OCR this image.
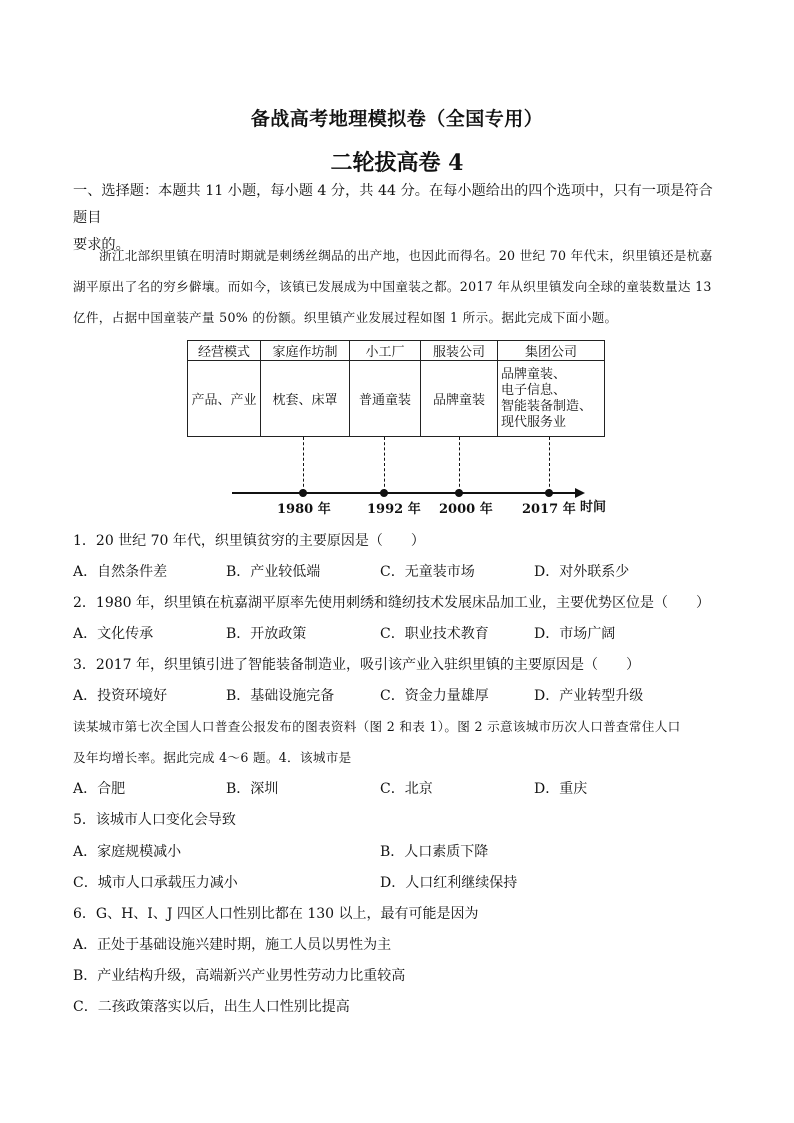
备战高考地理模拟卷（全国专用）
二轮拔高卷 4
一、选择题：本题共 11 小题，每小题 4 分，共 44 分。在每小题给出的四个选项中，只有一项是符合题目
要求的。
浙江北部织里镇在明清时期就是刺绣丝绸品的出产地，也因此而得名。20 世纪 70 年代末，织里镇还是杭嘉湖平原出了名的穷乡僻壤。而如今，该镇已发展成为中国童装之都。2017 年从织里镇发向全球的童装数量达 13 亿件，占据中国童装产量 50% 的份额。织里镇产业发展过程如图 1 所示。据此完成下面小题。
经营模式	家庭作坊制	小工厂	服装公司	集团公司
产品、产业	枕套、床罩	普通童装	品牌童装	品牌童装、
电子信息、
智能装备制造、
现代服务业
1980 年	1992 年 2000 年 2017 年 时间
1．20 世纪 70 年代，织里镇贫穷的主要原因是（　　）
A．自然条件差	B．产业较低端	C．无童装市场	D．对外联系少
2．1980 年，织里镇在杭嘉湖平原率先使用刺绣和缝纫技术发展床品加工业，主要优势区位是（　　）
A．文化传承	B．开放政策	C．职业技术教育	D．市场广阔
3．2017 年，织里镇引进了智能装备制造业，吸引该产业入驻织里镇的主要原因是（　　）
A．投资环境好	B．基础设施完备	C．资金力量雄厚	D．产业转型升级
读某城市第七次全国人口普查公报发布的图表资料（图 2 和表 1）。图 2 示意该城市历次人口普查常住人口
及年均增长率。据此完成 4～6 题。4．该城市是
A．合肥	B．深圳	C．北京	D．重庆
5．该城市人口变化会导致
A．家庭规模减小	B．人口素质下降
C．城市人口承载压力减小	D．人口红利继续保持
6．G、H、I、J 四区人口性别比都在 130 以上，最有可能是因为
A．正处于基础设施兴建时期，施工人员以男性为主
B．产业结构升级，高端新兴产业男性劳动力比重较高
C．二孩政策落实以后，出生人口性别比提高
